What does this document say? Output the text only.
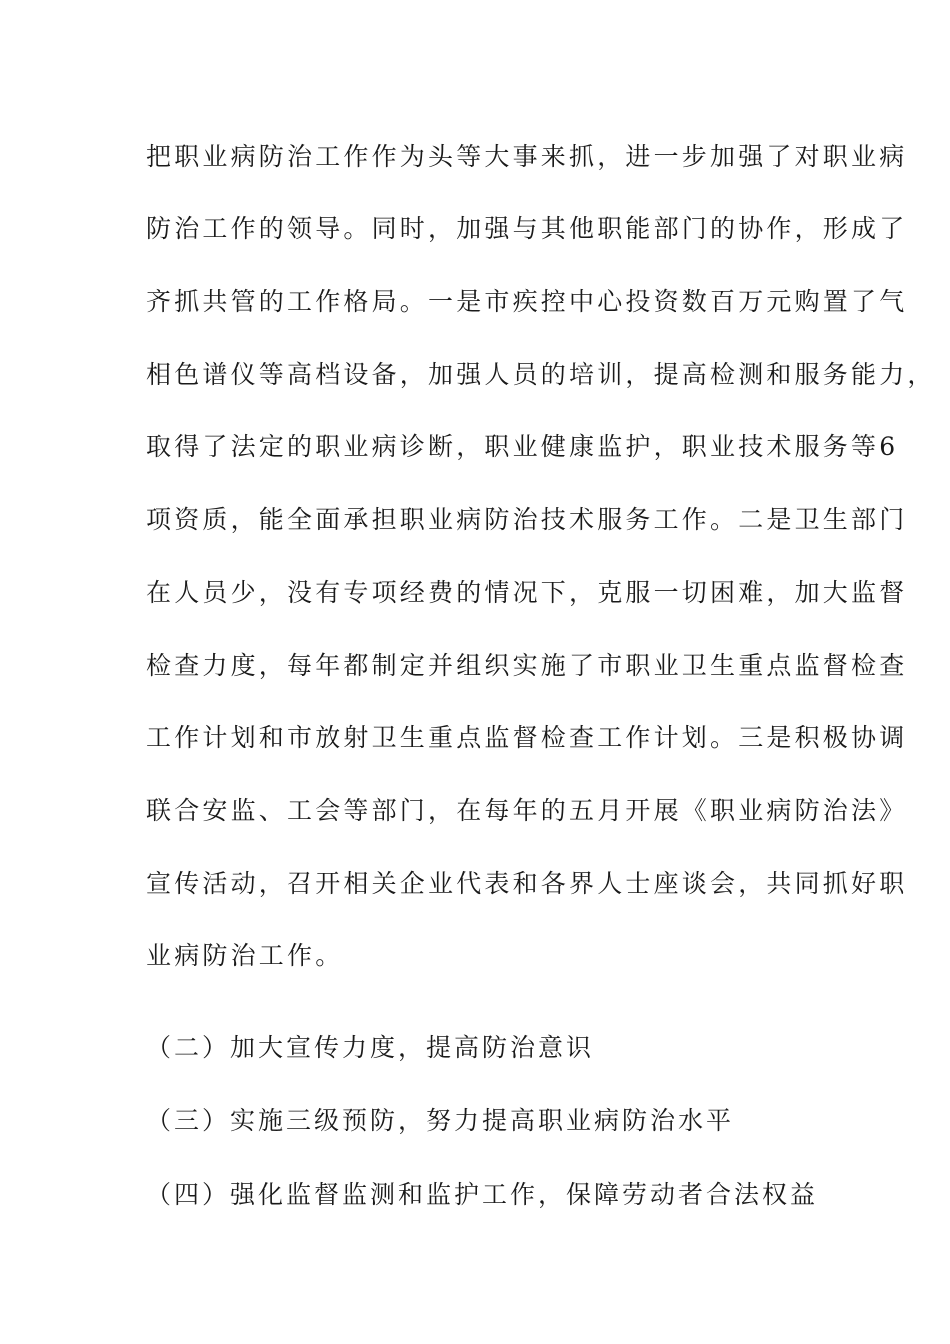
把职业病防治工作作为头等大事来抓，进一步加强了对职业病
防治工作的领导。同时，加强与其他职能部门的协作，形成了
齐抓共管的工作格局。一是市疾控中心投资数百万元购置了气
相色谱仪等高档设备，加强人员的培训，提高检测和服务能力，
取得了法定的职业病诊断，职业健康监护，职业技术服务等6
项资质，能全面承担职业病防治技术服务工作。二是卫生部门
在人员少，没有专项经费的情况下，克服一切困难，加大监督
检查力度，每年都制定并组织实施了市职业卫生重点监督检查
工作计划和市放射卫生重点监督检查工作计划。三是积极协调
联合安监、工会等部门，在每年的五月开展《职业病防治法》
宣传活动，召开相关企业代表和各界人士座谈会，共同抓好职
业病防治工作。
（二）加大宣传力度，提高防治意识
（三）实施三级预防，努力提高职业病防治水平
（四）强化监督监测和监护工作，保障劳动者合法权益
